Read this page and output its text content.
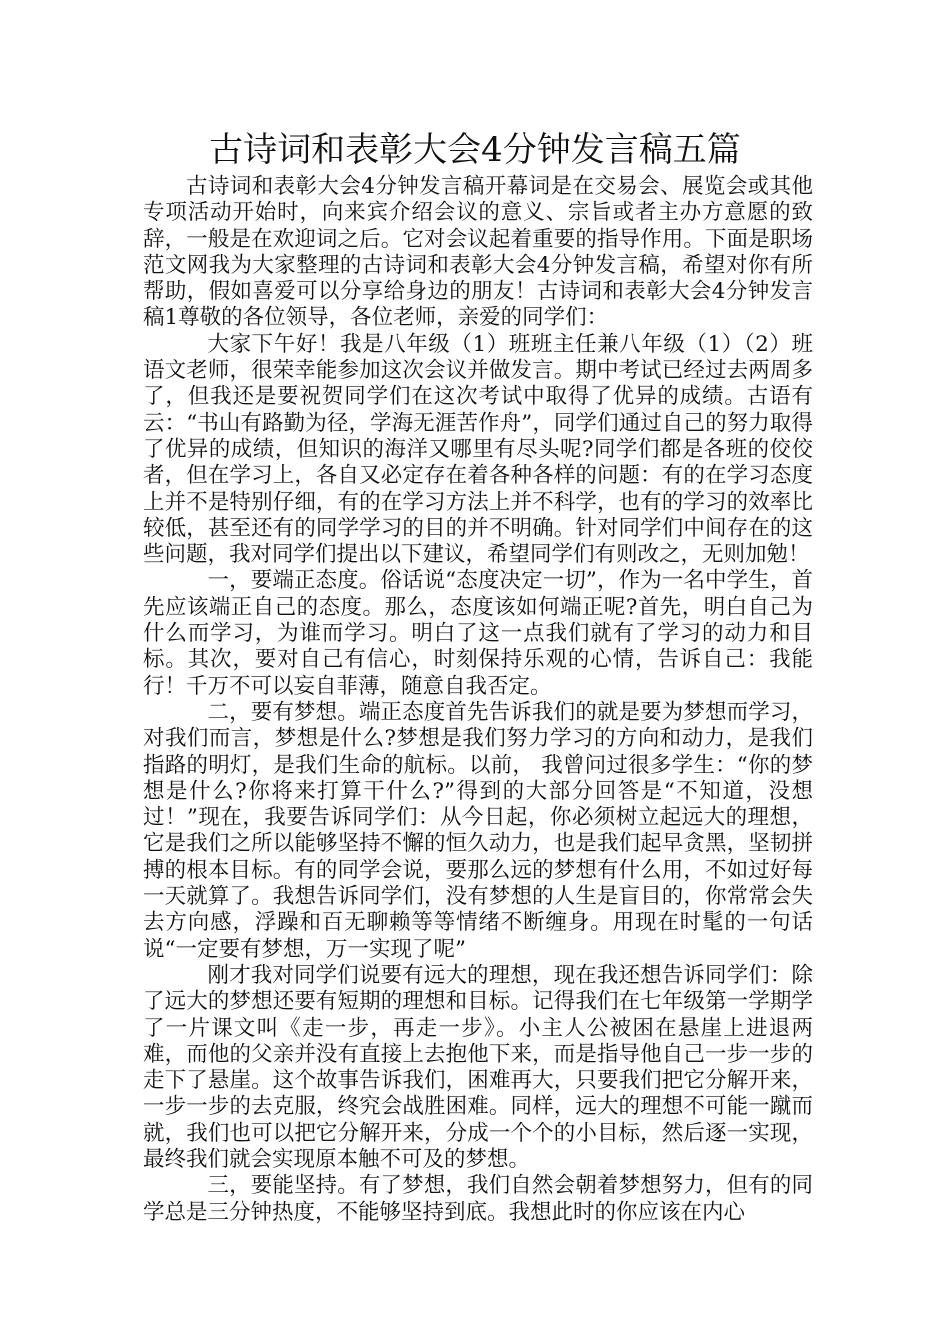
古诗词和表彰大会4分钟发言稿五篇

古诗词和表彰大会4分钟发言稿开幕词是在交易会、展览会或其他专项活动开始时，向来宾介绍会议的意义、宗旨或者主办方意愿的致辞，一般是在欢迎词之后。它对会议起着重要的指导作用。下面是职场范文网我为大家整理的古诗词和表彰大会4分钟发言稿，希望对你有所帮助，假如喜爱可以分享给身边的朋友！古诗词和表彰大会4分钟发言稿1尊敬的各位领导，各位老师，亲爱的同学们：

大家下午好！我是八年级（1）班班主任兼八年级（1）（2）班语文老师，很荣幸能参加这次会议并做发言。期中考试已经过去两周多了，但我还是要祝贺同学们在这次考试中取得了优异的成绩。古语有云：“书山有路勤为径，学海无涯苦作舟”，同学们通过自己的努力取得了优异的成绩，但知识的海洋又哪里有尽头呢?同学们都是各班的佼佼者，但在学习上，各自又必定存在着各种各样的问题：有的在学习态度上并不是特别仔细，有的在学习方法上并不科学，也有的学习的效率比较低，甚至还有的同学学习的目的并不明确。针对同学们中间存在的这些问题，我对同学们提出以下建议，希望同学们有则改之，无则加勉！

一，要端正态度。俗话说“态度决定一切”，作为一名中学生，首先应该端正自己的态度。那么，态度该如何端正呢?首先，明白自己为什么而学习，为谁而学习。明白了这一点我们就有了学习的动力和目标。其次，要对自己有信心，时刻保持乐观的心情，告诉自己：我能行！千万不可以妄自菲薄，随意自我否定。

二，要有梦想。端正态度首先告诉我们的就是要为梦想而学习，对我们而言，梦想是什么?梦想是我们努力学习的方向和动力，是我们指路的明灯，是我们生命的航标。以前， 我曾问过很多学生：“你的梦想是什么?你将来打算干什么?”得到的大部分回答是“不知道，没想过！”现在，我要告诉同学们：从今日起，你必须树立起远大的理想，它是我们之所以能够坚持不懈的恒久动力，也是我们起早贪黑，坚韧拼搏的根本目标。有的同学会说，要那么远的梦想有什么用，不如过好每一天就算了。我想告诉同学们，没有梦想的人生是盲目的，你常常会失去方向感，浮躁和百无聊赖等等情绪不断缠身。用现在时髦的一句话说“一定要有梦想，万一实现了呢”

刚才我对同学们说要有远大的理想，现在我还想告诉同学们：除了远大的梦想还要有短期的理想和目标。记得我们在七年级第一学期学了一片课文叫《走一步，再走一步》。小主人公被困在悬崖上进退两难，而他的父亲并没有直接上去抱他下来，而是指导他自己一步一步的走下了悬崖。这个故事告诉我们，困难再大，只要我们把它分解开来，一步一步的去克服，终究会战胜困难。同样，远大的理想不可能一蹴而就，我们也可以把它分解开来，分成一个个的小目标，然后逐一实现，最终我们就会实现原本触不可及的梦想。

三，要能坚持。有了梦想，我们自然会朝着梦想努力，但有的同学总是三分钟热度，不能够坚持到底。我想此时的你应该在内心
